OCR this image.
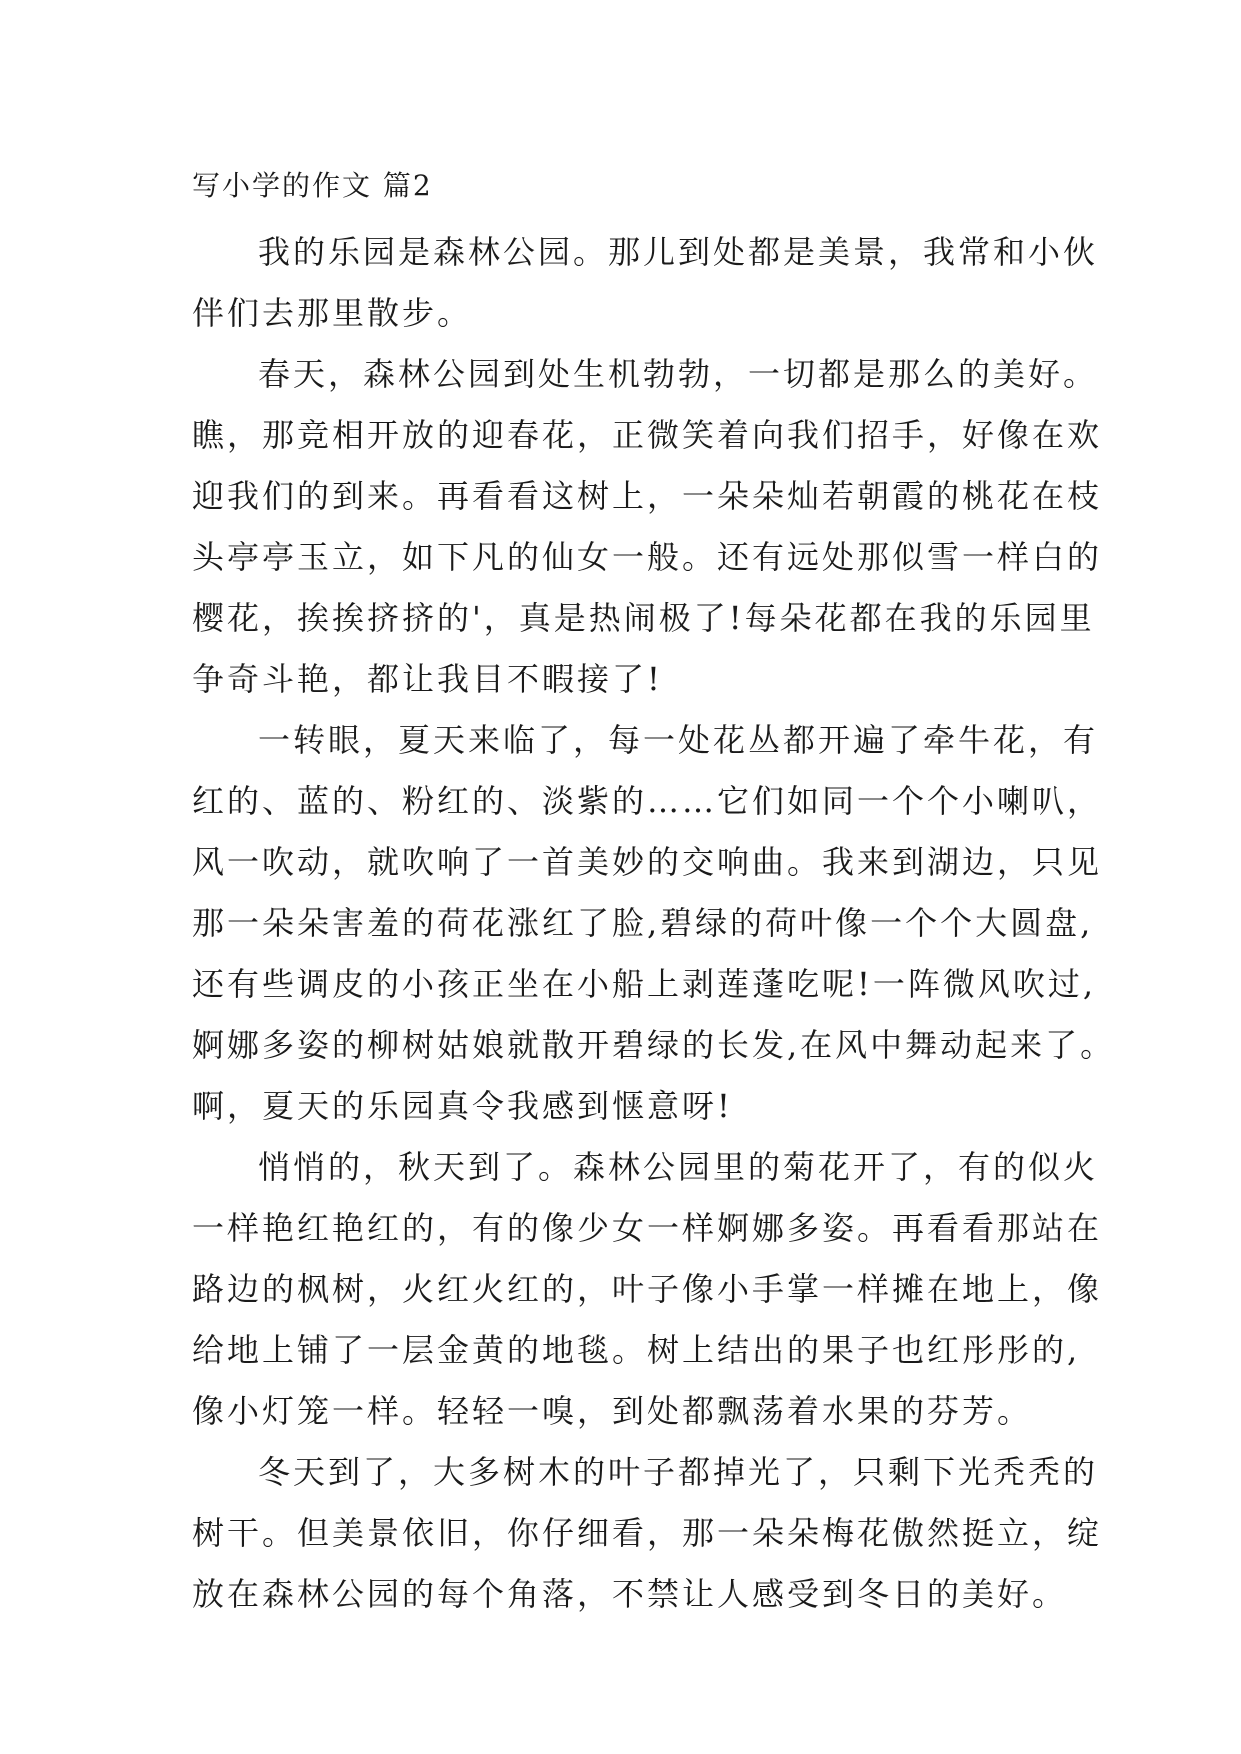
写小学的作文 篇2

我的乐园是森林公园。那儿到处都是美景，我常和小伙
伴们去那里散步。

春天，森林公园到处生机勃勃，一切都是那么的美好。
瞧，那竞相开放的迎春花，正微笑着向我们招手，好像在欢
迎我们的到来。再看看这树上，一朵朵灿若朝霞的桃花在枝
头亭亭玉立，如下凡的仙女一般。还有远处那似雪一样白的
樱花，挨挨挤挤的'，真是热闹极了!每朵花都在我的乐园里
争奇斗艳，都让我目不暇接了!

一转眼，夏天来临了，每一处花丛都开遍了牵牛花，有
红的、蓝的、粉红的、淡紫的……它们如同一个个小喇叭，
风一吹动，就吹响了一首美妙的交响曲。我来到湖边，只见
那一朵朵害羞的荷花涨红了脸,碧绿的荷叶像一个个大圆盘,
还有些调皮的小孩正坐在小船上剥莲蓬吃呢!一阵微风吹过,
婀娜多姿的柳树姑娘就散开碧绿的长发,在风中舞动起来了。
啊，夏天的乐园真令我感到惬意呀!

悄悄的，秋天到了。森林公园里的菊花开了，有的似火
一样艳红艳红的，有的像少女一样婀娜多姿。再看看那站在
路边的枫树，火红火红的，叶子像小手掌一样摊在地上，像
给地上铺了一层金黄的地毯。树上结出的果子也红彤彤的,
像小灯笼一样。轻轻一嗅，到处都飘荡着水果的芬芳。

冬天到了，大多树木的叶子都掉光了，只剩下光秃秃的
树干。但美景依旧，你仔细看，那一朵朵梅花傲然挺立，绽
放在森林公园的每个角落，不禁让人感受到冬日的美好。
